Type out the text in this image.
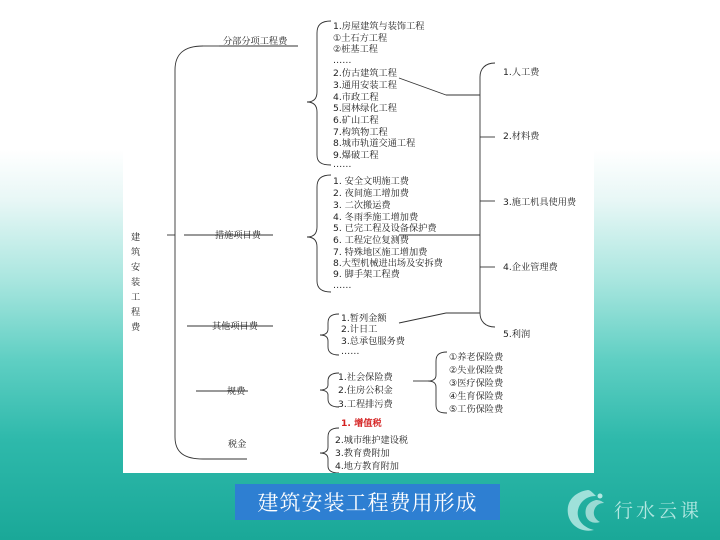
建
筑
安
装
工
程
费
分部分项工程费
措施项目费
其他项目费
规费
税金
1.房屋建筑与装饰工程
①土石方工程
②桩基工程
……
2.仿古建筑工程
3.通用安装工程
4.市政工程
5.园林绿化工程
6.矿山工程
7.构筑物工程
8.城市轨道交通工程
9.爆破工程
……
1. 安全文明施工费
2. 夜间施工增加费
3. 二次搬运费
4. 冬雨季施工增加费
5. 已完工程及设备保护费
6. 工程定位复测费
7. 特殊地区施工增加费
8.大型机械进出场及安拆费
9. 脚手架工程费
……
1.暂列金额
2.计日工
3.总承包服务费
……
1.社会保险费
2.住房公积金
3.工程排污费
1. 增值税
2.城市维护建设税
3.教育费附加
4.地方教育附加
①养老保险费
②失业保险费
③医疗保险费
④生育保险费
⑤工伤保险费
1.人工费
2.材料费
3.施工机具使用费
4.企业管理费
5.利润
建筑安装工程费用形成	行水云课
